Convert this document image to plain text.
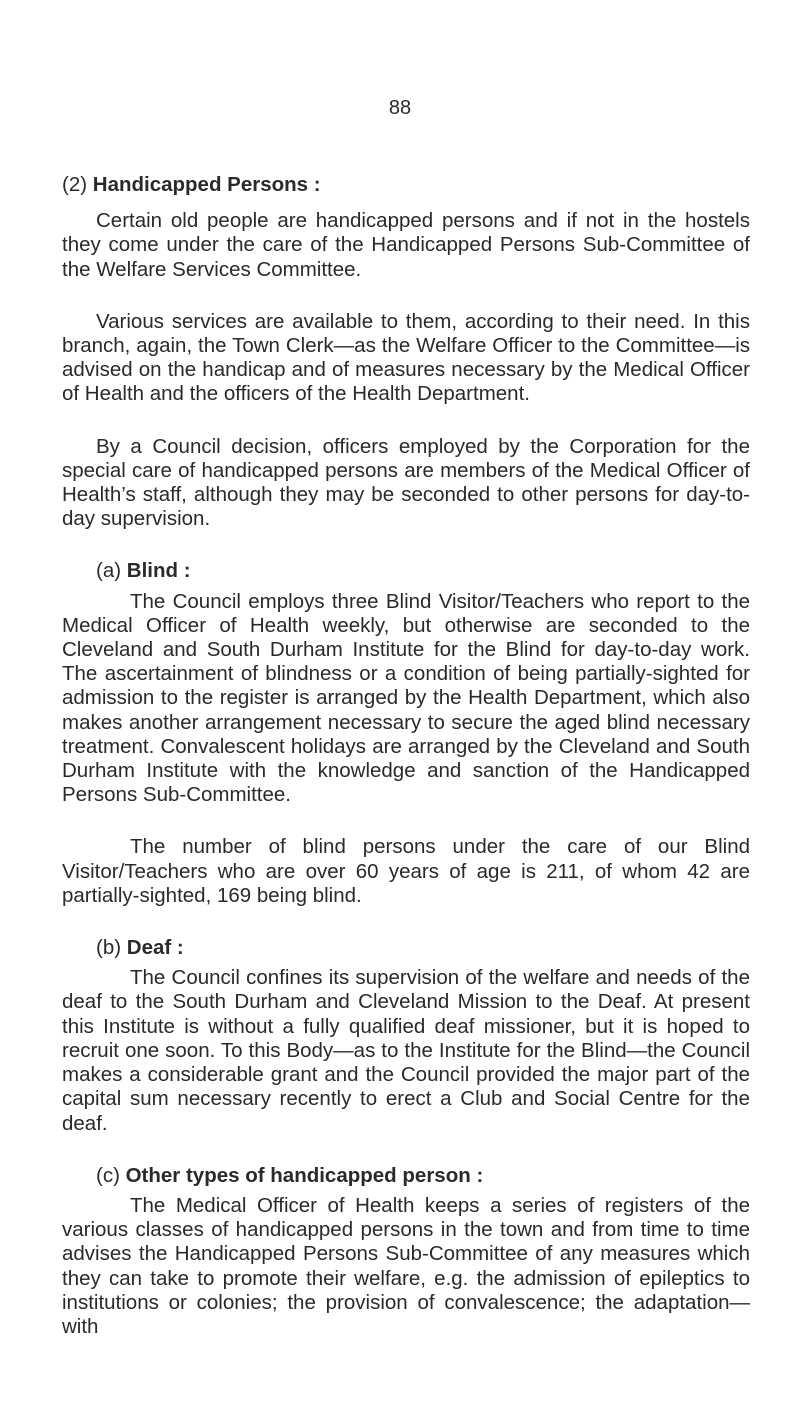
88
(2) Handicapped Persons :

Certain old people are handicapped persons and if not in the hostels they come under the care of the Handicapped Persons Sub-Committee of the Welfare Services Committee.

Various services are available to them, according to their need. In this branch, again, the Town Clerk—as the Welfare Officer to the Committee—is advised on the handicap and of measures necessary by the Medical Officer of Health and the officers of the Health Department.

By a Council decision, officers employed by the Corporation for the special care of handicapped persons are members of the Medical Officer of Health’s staff, although they may be seconded to other persons for day-to-day supervision.

(a) Blind :

The Council employs three Blind Visitor/Teachers who report to the Medical Officer of Health weekly, but otherwise are seconded to the Cleveland and South Durham Institute for the Blind for day-to-day work. The ascertainment of blindness or a condition of being partially-sighted for admission to the register is arranged by the Health Department, which also makes another arrangement necessary to secure the aged blind necessary treatment. Convalescent holidays are arranged by the Cleveland and South Durham Institute with the knowledge and sanction of the Handicapped Persons Sub-Committee.

The number of blind persons under the care of our Blind Visitor/Teachers who are over 60 years of age is 211, of whom 42 are partially-sighted, 169 being blind.

(b) Deaf :

The Council confines its supervision of the welfare and needs of the deaf to the South Durham and Cleveland Mission to the Deaf. At present this Institute is without a fully qualified deaf missioner, but it is hoped to recruit one soon. To this Body—as to the Institute for the Blind—the Council makes a considerable grant and the Council provided the major part of the capital sum necessary recently to erect a Club and Social Centre for the deaf.

(c) Other types of handicapped person :

The Medical Officer of Health keeps a series of registers of the various classes of handicapped persons in the town and from time to time advises the Handicapped Persons Sub-Committee of any measures which they can take to promote their welfare, e.g. the admission of epileptics to institutions or colonies; the provision of convalescence; the adaptation—with
